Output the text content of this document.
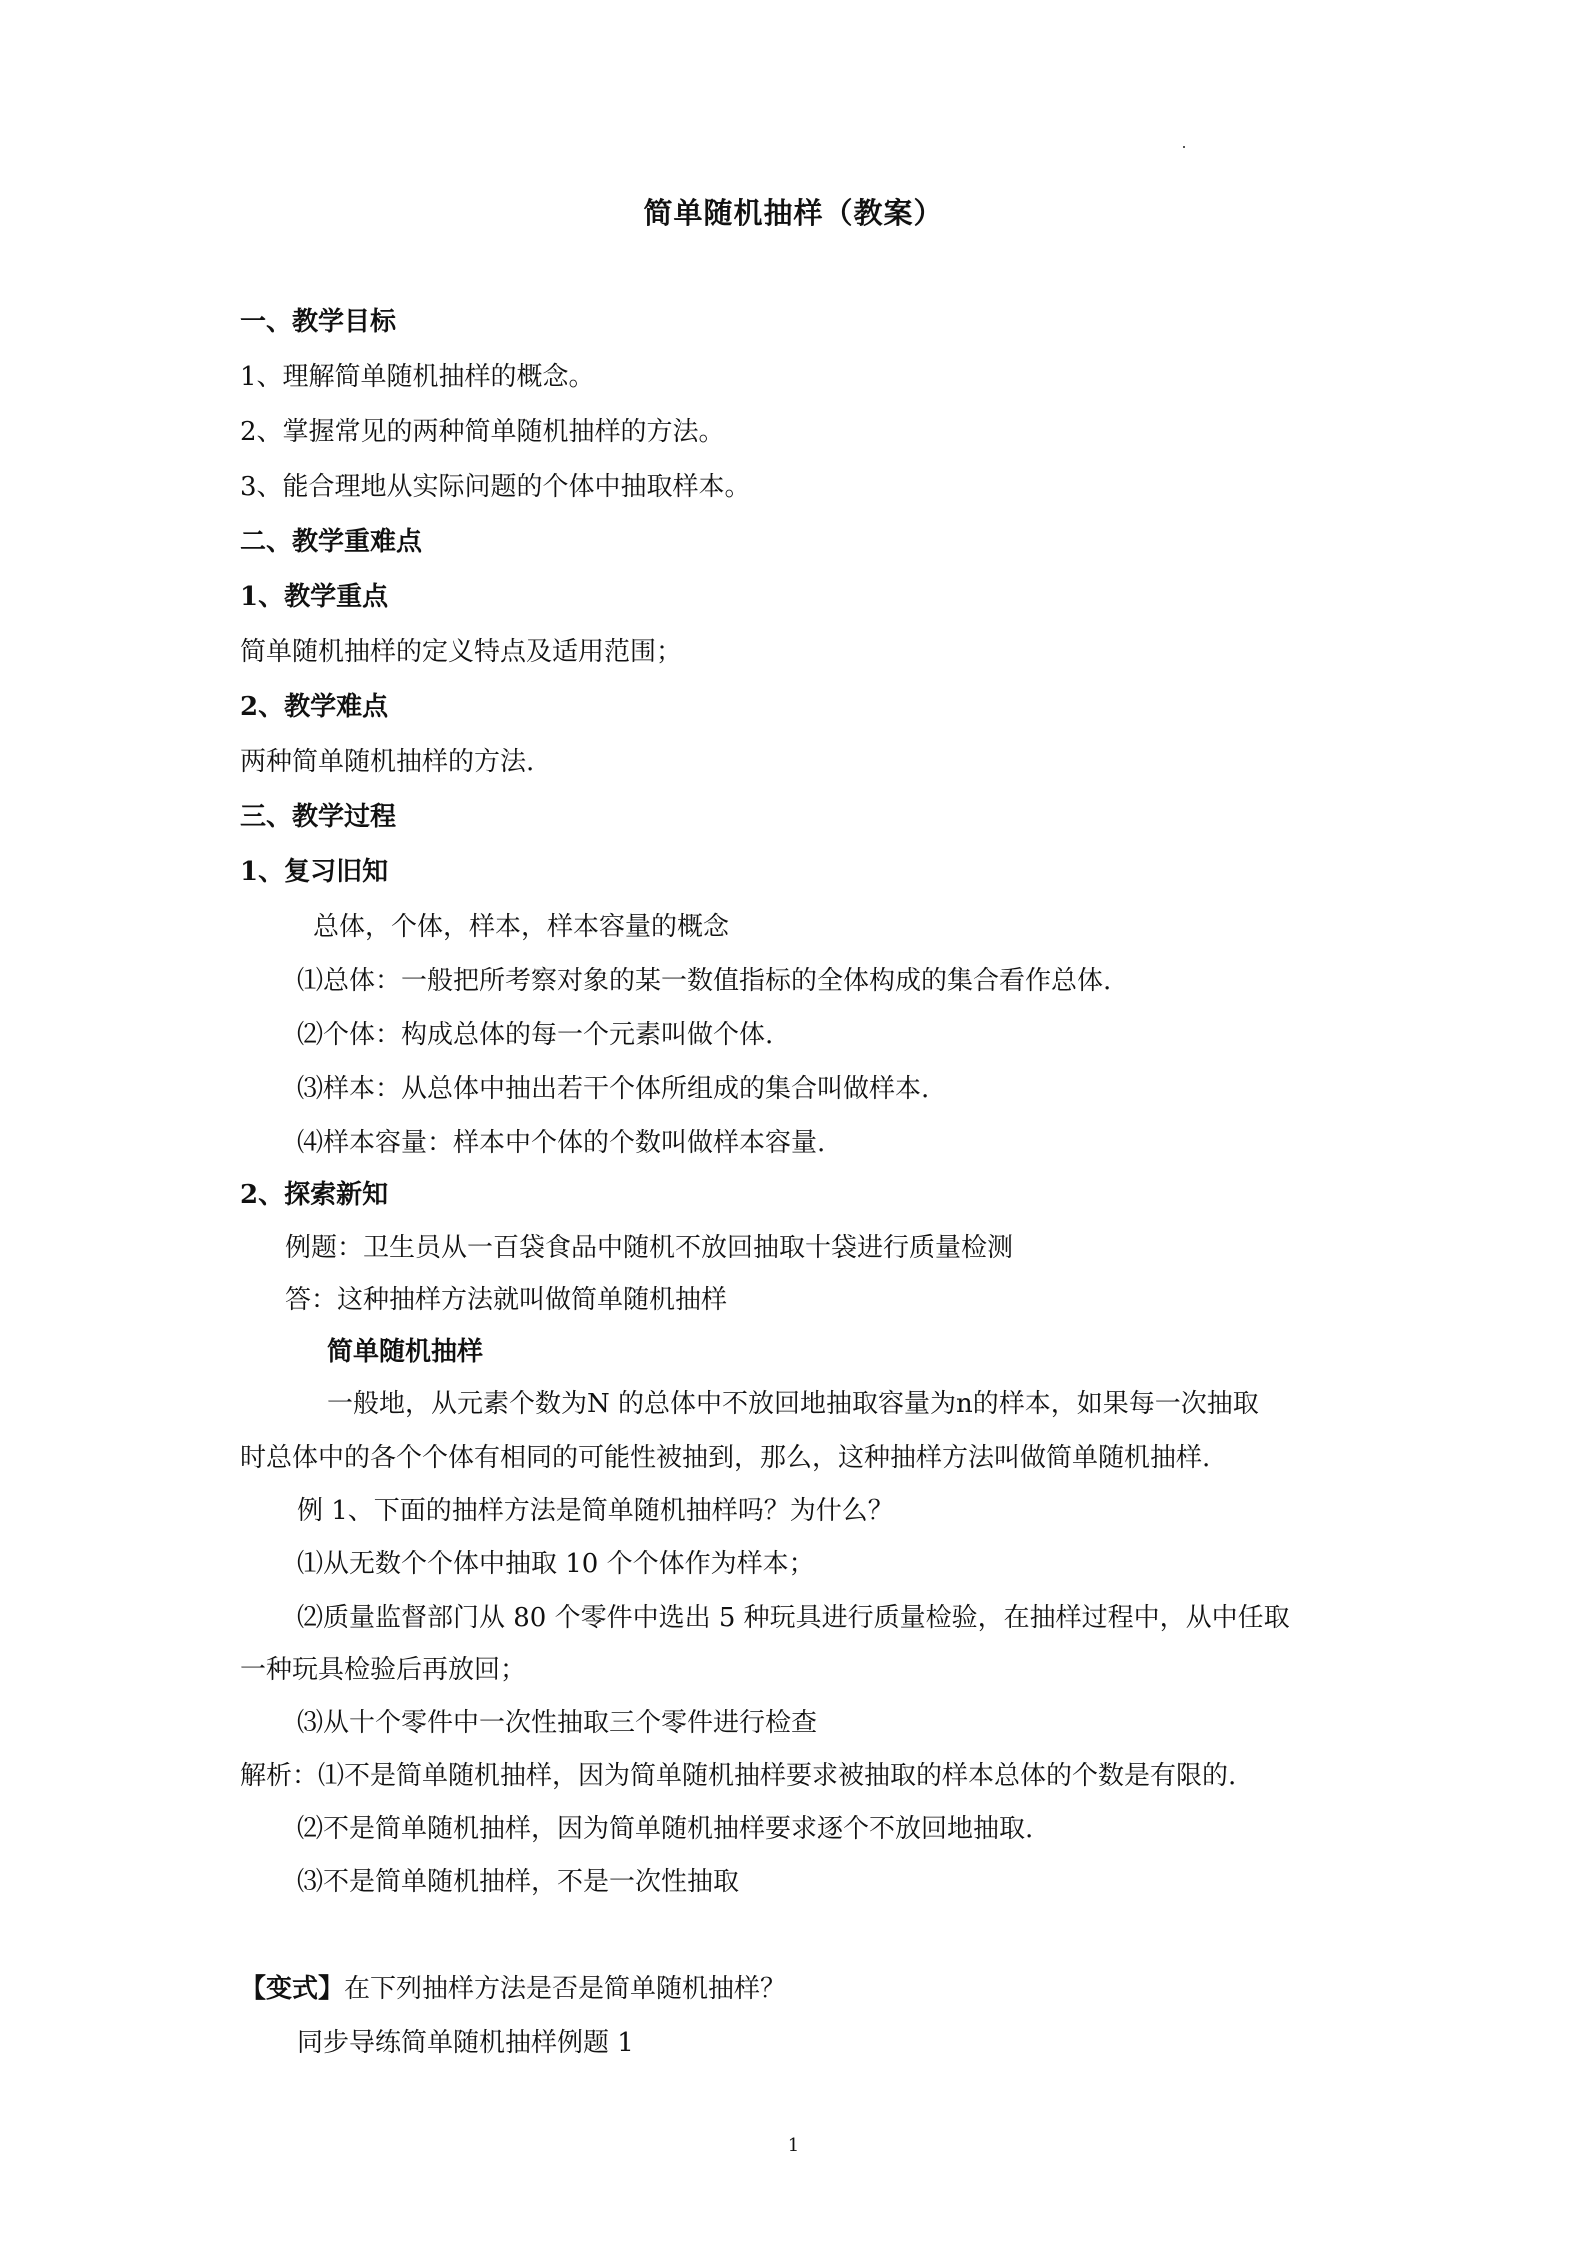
简单随机抽样（教案）
一、教学目标
1、理解简单随机抽样的概念。
2、掌握常见的两种简单随机抽样的方法。
3、能合理地从实际问题的个体中抽取样本。
二、教学重难点
1、教学重点
简单随机抽样的定义特点及适用范围；
2、教学难点
两种简单随机抽样的方法.
三、教学过程
1、复习旧知
总体，个体，样本，样本容量的概念
⑴总体：一般把所考察对象的某一数值指标的全体构成的集合看作总体.
⑵个体：构成总体的每一个元素叫做个体.
⑶样本：从总体中抽出若干个体所组成的集合叫做样本.
⑷样本容量：样本中个体的个数叫做样本容量.
2、探索新知
例题：卫生员从一百袋食品中随机不放回抽取十袋进行质量检测
答：这种抽样方法就叫做简单随机抽样
简单随机抽样
一般地，从元素个数为N 的总体中不放回地抽取容量为n的样本，如果每一次抽取
时总体中的各个个体有相同的可能性被抽到，那么，这种抽样方法叫做简单随机抽样.
例 1、下面的抽样方法是简单随机抽样吗？为什么？
⑴从无数个个体中抽取 10 个个体作为样本；
⑵质量监督部门从 80 个零件中选出 5 种玩具进行质量检验，在抽样过程中，从中任取
一种玩具检验后再放回；
⑶从十个零件中一次性抽取三个零件进行检查
解析：⑴不是简单随机抽样，因为简单随机抽样要求被抽取的样本总体的个数是有限的.
⑵不是简单随机抽样，因为简单随机抽样要求逐个不放回地抽取.
⑶不是简单随机抽样，不是一次性抽取
【变式】在下列抽样方法是否是简单随机抽样？
同步导练简单随机抽样例题 1
1
